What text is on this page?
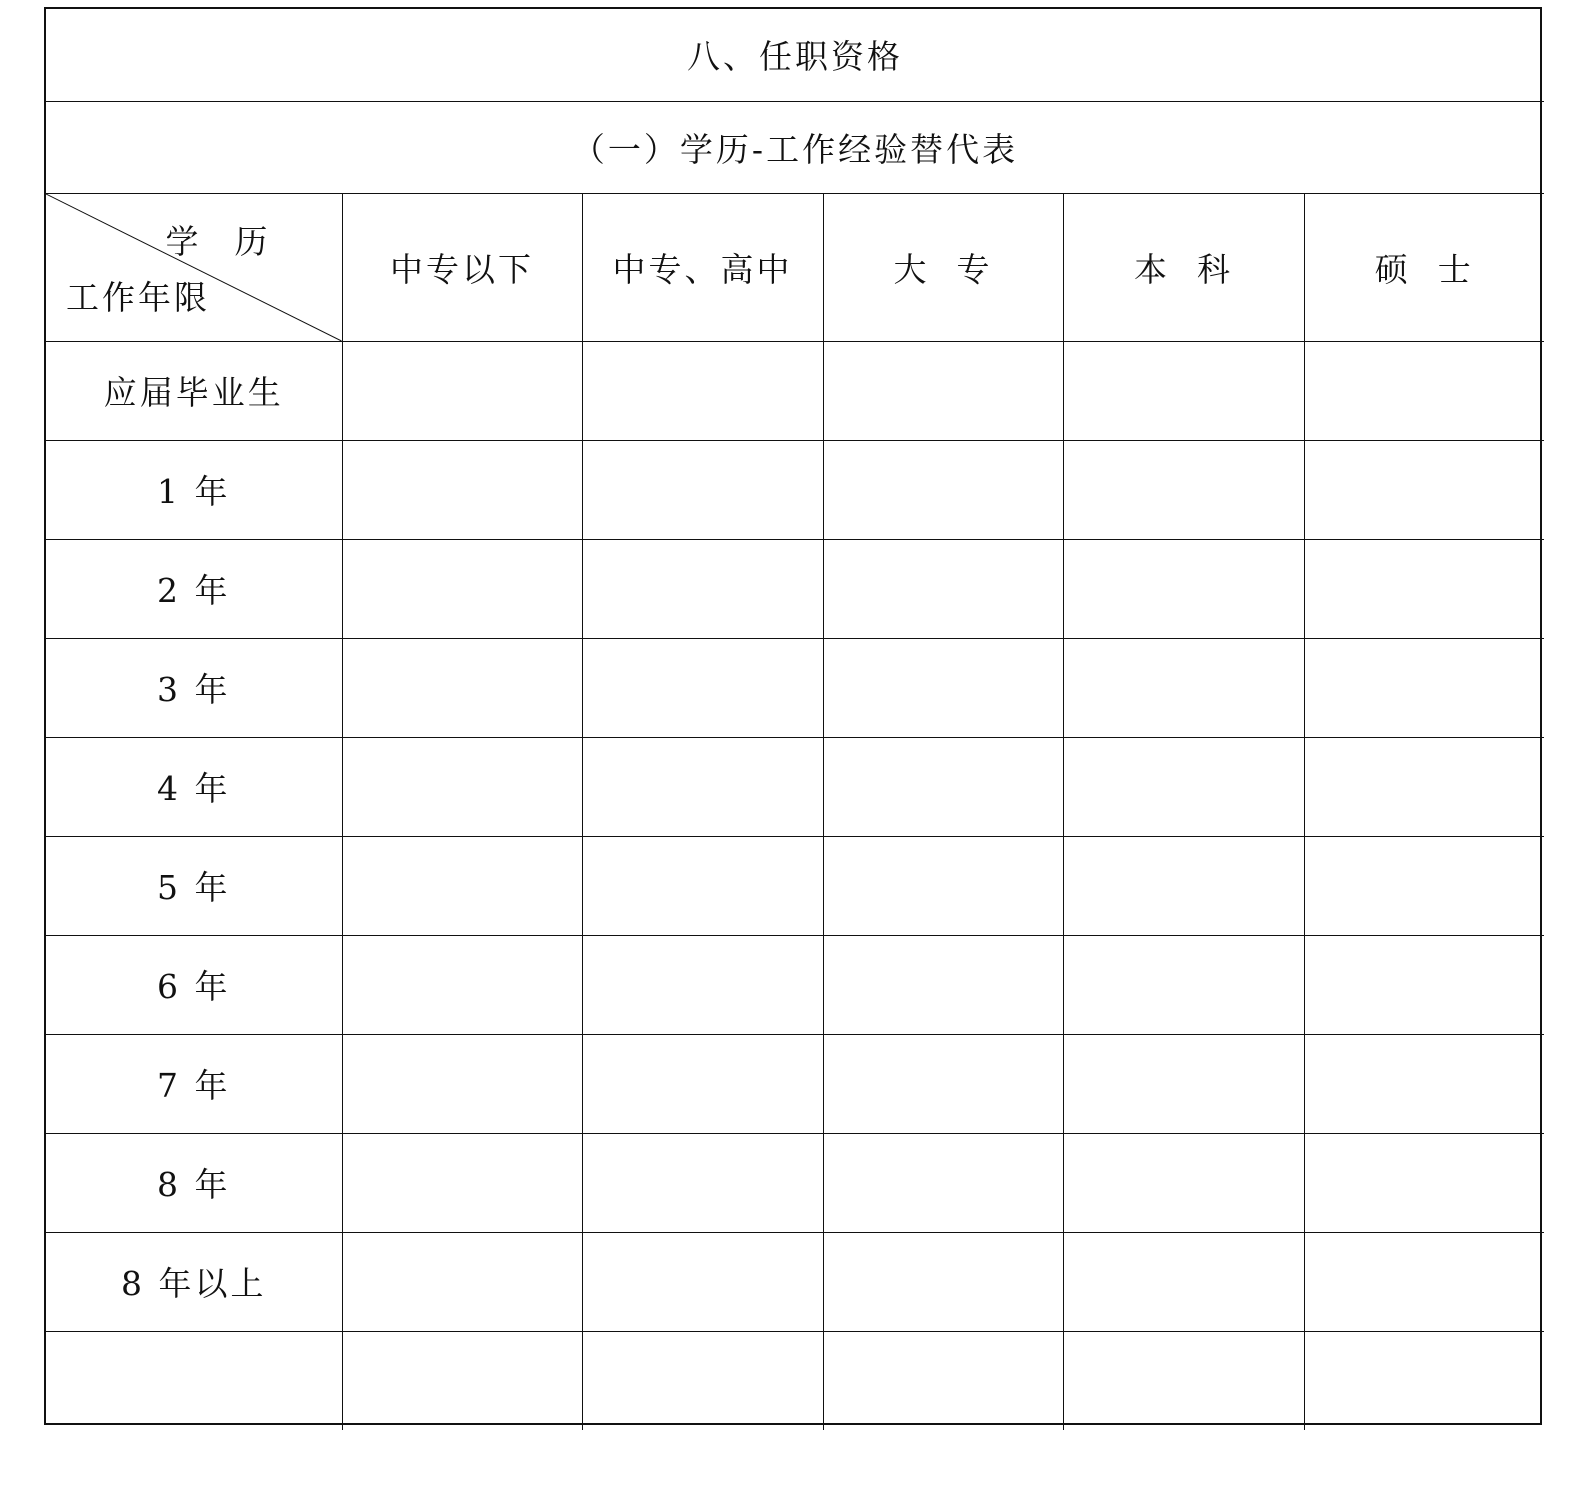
八、任职资格					
（一）学历-工作经验替代表					

学历
工作年限	中专以下	中专、高中	大  专	本  科	硕  士
应届毕业生					
1 年					
2 年					
3 年					
4 年					
5 年					
6 年					
7 年					
8 年					
8 年以上					
